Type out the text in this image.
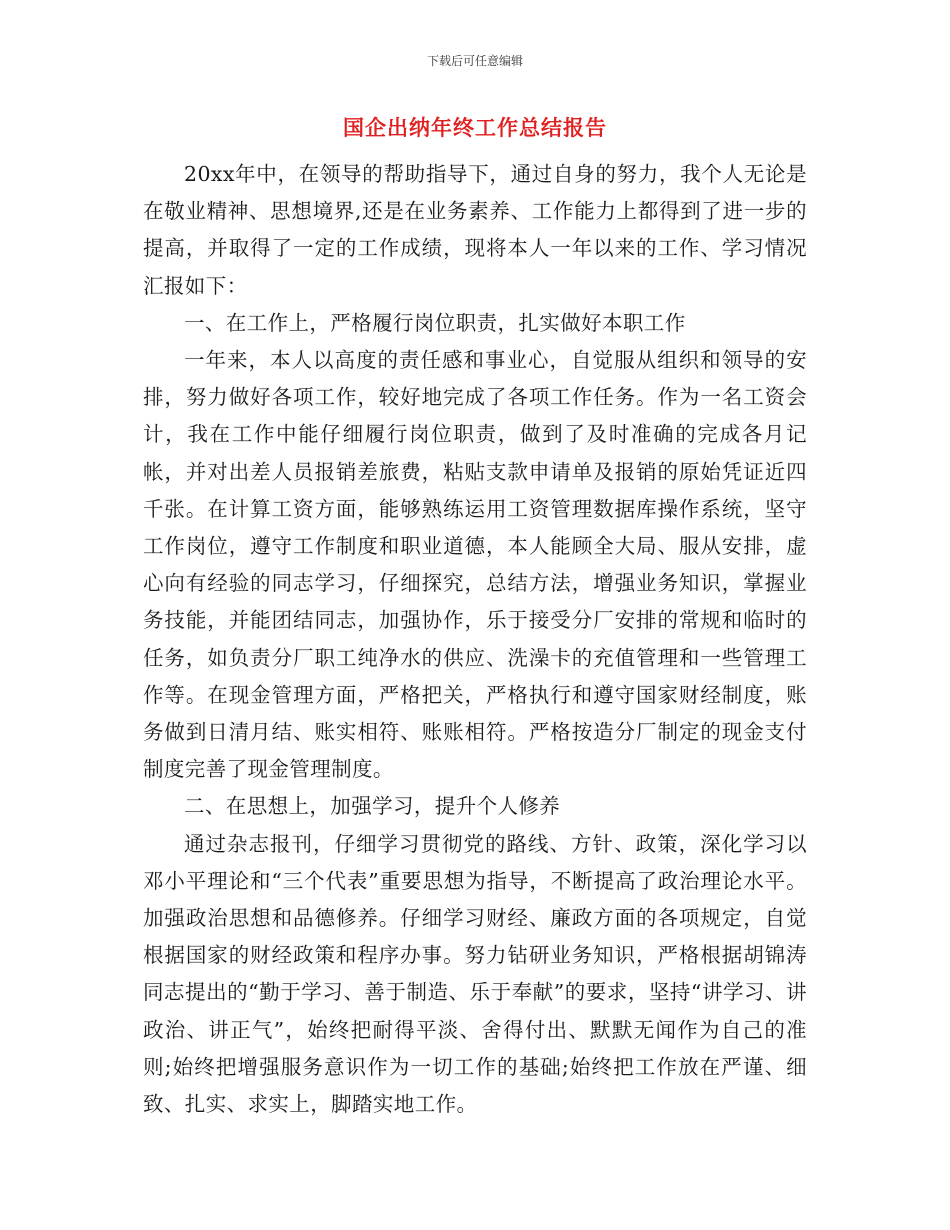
下载后可任意编辑
国企出纳年终工作总结报告

20xx年中，在领导的帮助指导下，通过自身的努力，我个人无论是在敬业精神、思想境界,还是在业务素养、工作能力上都得到了进一步的提高，并取得了一定的工作成绩，现将本人一年以来的工作、学习情况汇报如下：

一、在工作上，严格履行岗位职责，扎实做好本职工作

一年来，本人以高度的责任感和事业心，自觉服从组织和领导的安排，努力做好各项工作，较好地完成了各项工作任务。作为一名工资会计，我在工作中能仔细履行岗位职责，做到了及时准确的完成各月记帐，并对出差人员报销差旅费，粘贴支款申请单及报销的原始凭证近四千张。在计算工资方面，能够熟练运用工资管理数据库操作系统，坚守工作岗位，遵守工作制度和职业道德，本人能顾全大局、服从安排，虚心向有经验的同志学习，仔细探究，总结方法，增强业务知识，掌握业务技能，并能团结同志，加强协作，乐于接受分厂安排的常规和临时的任务，如负责分厂职工纯净水的供应、洗澡卡的充值管理和一些管理工作等。在现金管理方面，严格把关，严格执行和遵守国家财经制度，账务做到日清月结、账实相符、账账相符。严格按造分厂制定的现金支付制度完善了现金管理制度。

二、在思想上，加强学习，提升个人修养

通过杂志报刊，仔细学习贯彻党的路线、方针、政策，深化学习以邓小平理论和“三个代表”重要思想为指导，不断提高了政治理论水平。加强政治思想和品德修养。仔细学习财经、廉政方面的各项规定，自觉根据国家的财经政策和程序办事。努力钻研业务知识，严格根据胡锦涛同志提出的“勤于学习、善于制造、乐于奉献”的要求，坚持“讲学习、讲政治、讲正气”，始终把耐得平淡、舍得付出、默默无闻作为自己的准则;始终把增强服务意识作为一切工作的基础;始终把工作放在严谨、细致、扎实、求实上，脚踏实地工作。
